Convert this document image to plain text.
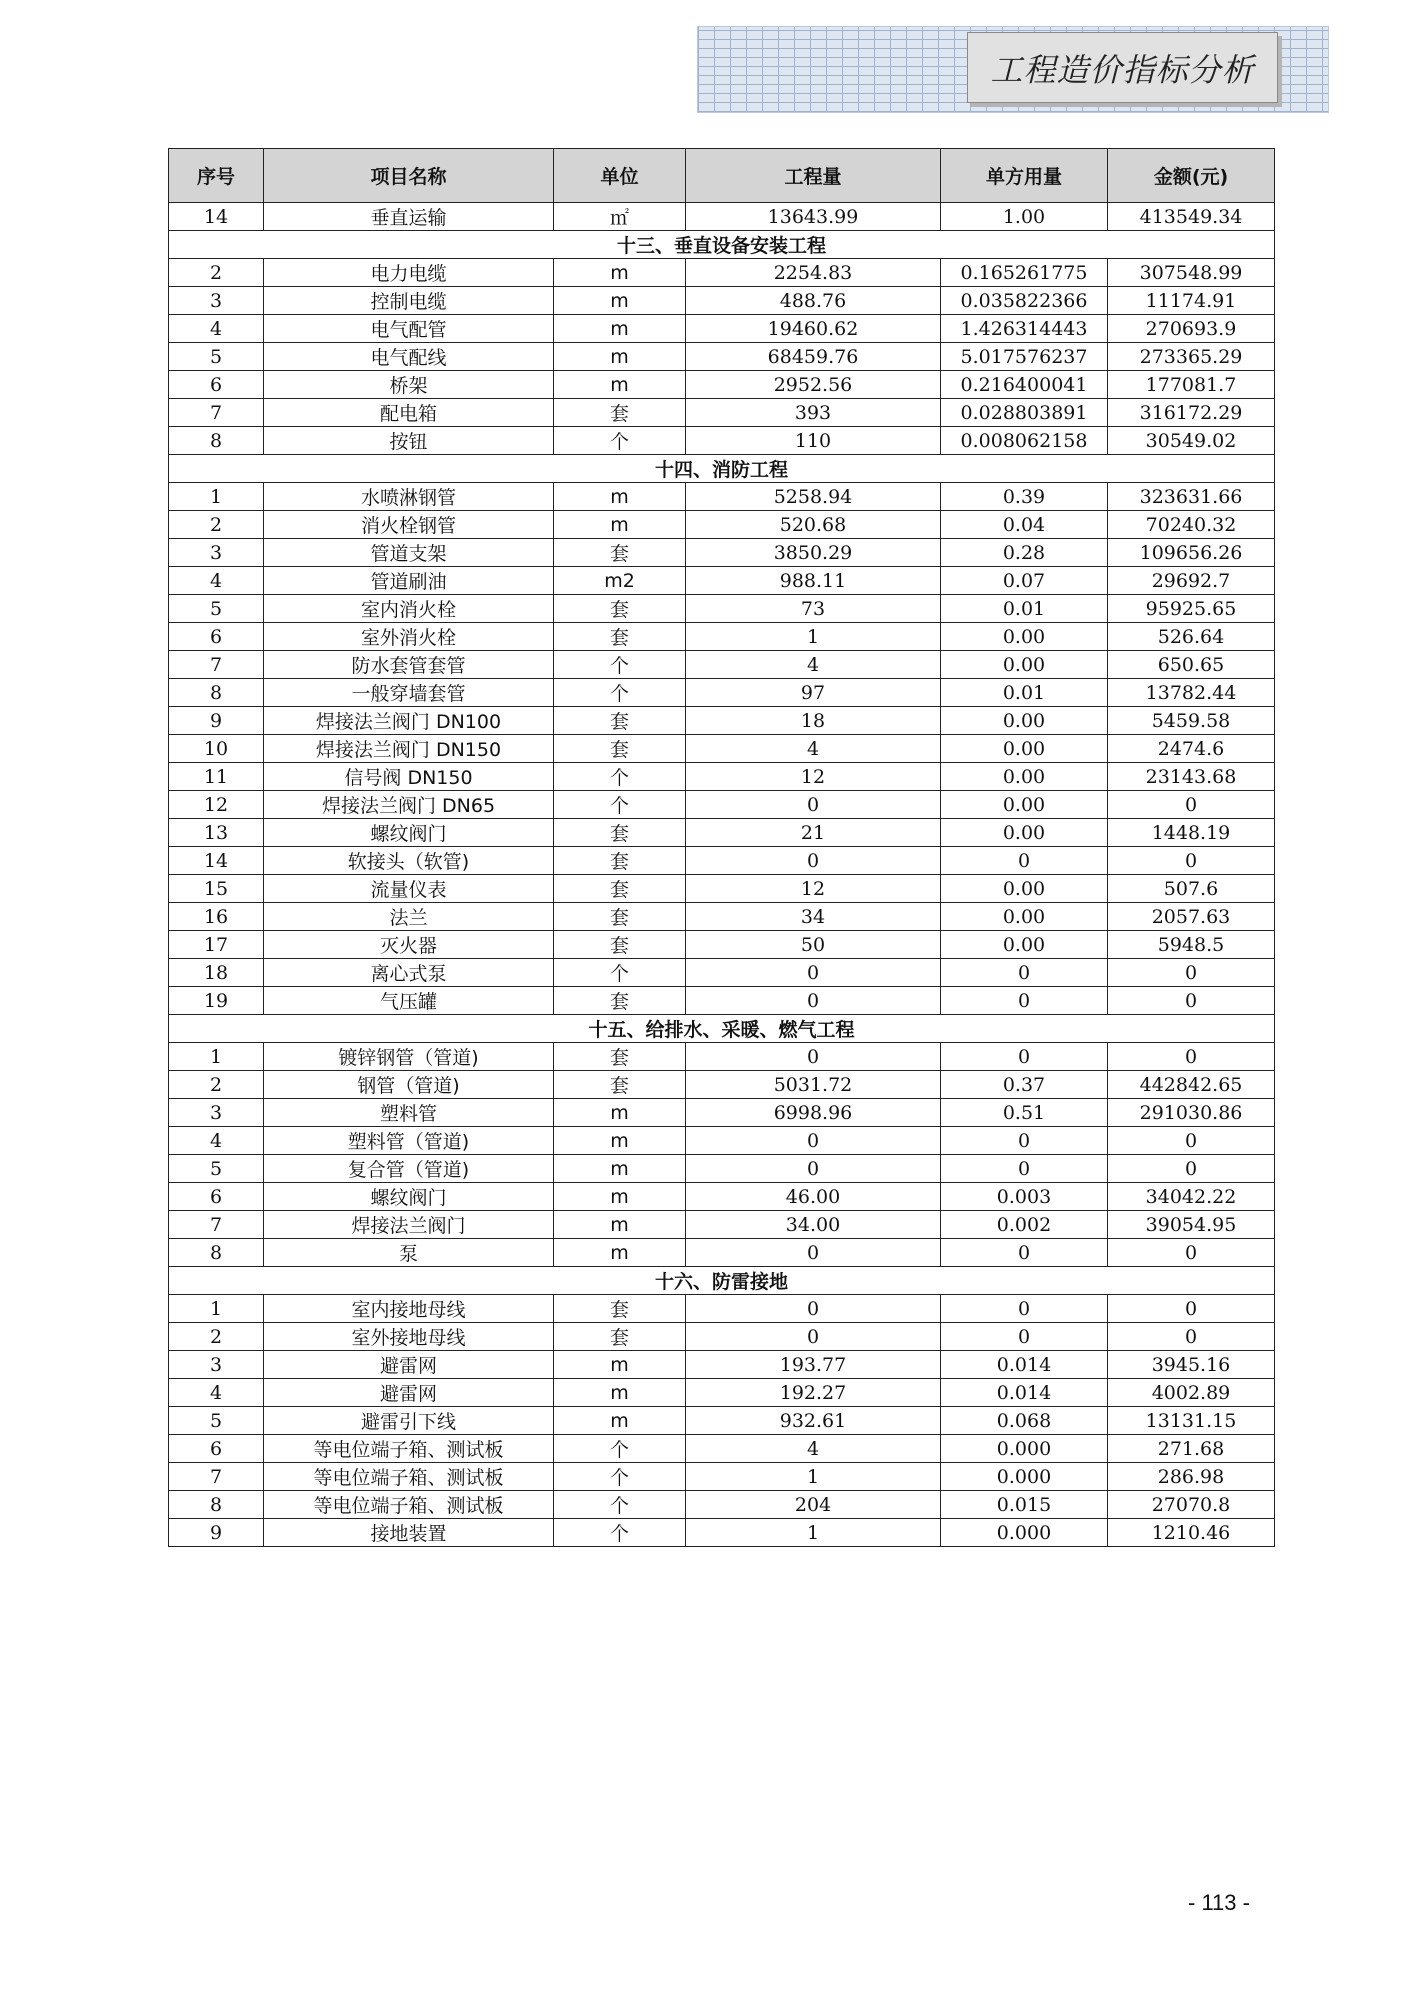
工程造价指标分析
序号	项目名称	单位	工程量	单方用量	金额(元)
14	垂直运输	㎡	13643.99	1.00	413549.34
十三、垂直设备安装工程					
2	电力电缆	m	2254.83	0.165261775	307548.99
3	控制电缆	m	488.76	0.035822366	11174.91
4	电气配管	m	19460.62	1.426314443	270693.9
5	电气配线	m	68459.76	5.017576237	273365.29
6	桥架	m	2952.56	0.216400041	177081.7
7	配电箱	套	393	0.028803891	316172.29
8	按钮	个	110	0.008062158	30549.02
十四、消防工程					
1	水喷淋钢管	m	5258.94	0.39	323631.66
2	消火栓钢管	m	520.68	0.04	70240.32
3	管道支架	套	3850.29	0.28	109656.26
4	管道刷油	m2	988.11	0.07	29692.7
5	室内消火栓	套	73	0.01	95925.65
6	室外消火栓	套	1	0.00	526.64
7	防水套管套管	个	4	0.00	650.65
8	一般穿墙套管	个	97	0.01	13782.44
9	焊接法兰阀门 DN100	套	18	0.00	5459.58
10	焊接法兰阀门 DN150	套	4	0.00	2474.6
11	信号阀 DN150	个	12	0.00	23143.68
12	焊接法兰阀门 DN65	个	0	0.00	0
13	螺纹阀门	套	21	0.00	1448.19
14	软接头（软管)	套	0	0	0
15	流量仪表	套	12	0.00	507.6
16	法兰	套	34	0.00	2057.63
17	灭火器	套	50	0.00	5948.5
18	离心式泵	个	0	0	0
19	气压罐	套	0	0	0
十五、给排水、采暖、燃气工程					
1	镀锌钢管（管道)	套	0	0	0
2	钢管（管道)	套	5031.72	0.37	442842.65
3	塑料管	m	6998.96	0.51	291030.86
4	塑料管（管道)	m	0	0	0
5	复合管（管道)	m	0	0	0
6	螺纹阀门	m	46.00	0.003	34042.22
7	焊接法兰阀门	m	34.00	0.002	39054.95
8	泵	m	0	0	0
十六、防雷接地					
1	室内接地母线	套	0	0	0
2	室外接地母线	套	0	0	0
3	避雷网	m	193.77	0.014	3945.16
4	避雷网	m	192.27	0.014	4002.89
5	避雷引下线	m	932.61	0.068	13131.15
6	等电位端子箱、测试板	个	4	0.000	271.68
7	等电位端子箱、测试板	个	1	0.000	286.98
8	等电位端子箱、测试板	个	204	0.015	27070.8
9	接地装置	个	1	0.000	1210.46
- 113 -
